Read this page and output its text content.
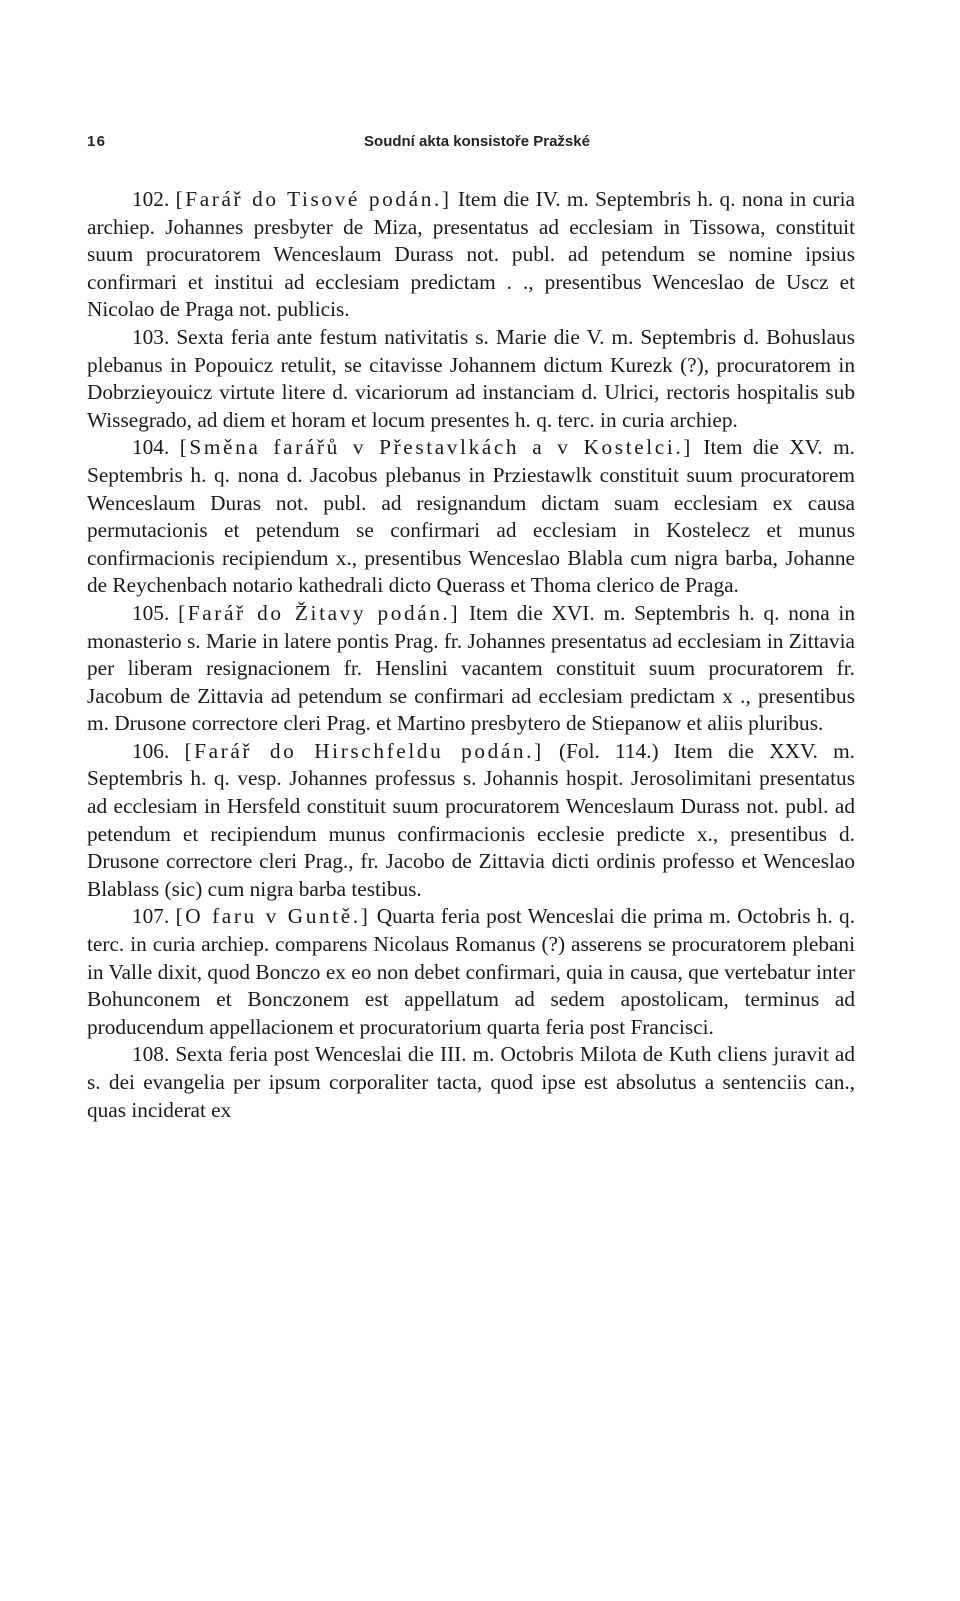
1 6	Soudní akta konsistoře Pražské

102. [Farář do Tisové podán.] Item die IV. m. Septembris h. q. nona in curia archiep. Johannes presbyter de Miza, presentatus ad ecclesiam in Tissowa, constituit suum procuratorem Wenceslaum Durass not. publ. ad petendum se nomine ipsius confirmari et institui ad ecclesiam predictam . ., presentibus Wenceslao de Uscz et Nicolao de Praga not. publicis.

103. Sexta feria ante festum nativitatis s. Marie die V. m. Septembris d. Bohuslaus plebanus in Popouicz retulit, se citavisse Johannem dictum Kurezk (?), procuratorem in Dobrzieyouicz virtute litere d. vicariorum ad instanciam d. Ulrici, rectoris hospitalis sub Wissegrado, ad diem et horam et locum presentes h. q. terc. in curia archiep.

104. [Směna farářů v Přestavlkách a v Kostelci.] Item die XV. m. Septembris h. q. nona d. Jacobus plebanus in Prziestawlk constituit suum procuratorem Wenceslaum Duras not. publ. ad resignandum dictam suam ecclesiam ex causa permutacionis et petendum se confirmari ad ecclesiam in Kostelecz et munus confirmacionis recipiendum x., presentibus Wenceslao Blabla cum nigra barba, Johanne de Reychenbach notario kathedrali dicto Querass et Thoma clerico de Praga.

105. [Farář do Žitavy podán.] Item die XVI. m. Septembris h. q. nona in monasterio s. Marie in latere pontis Prag. fr. Johannes presentatus ad ecclesiam in Zittavia per liberam resignacionem fr. Henslini vacantem constituit suum procuratorem fr. Jacobum de Zittavia ad petendum se confirmari ad ecclesiam predictam x ., presentibus m. Drusone correctore cleri Prag. et Martino presbytero de Stiepanow et aliis pluribus.

106. [Farář do Hirschfeldu podán.] (Fol. 114.) Item die XXV. m. Septembris h. q. vesp. Johannes professus s. Johannis hospit. Jerosolimitani presentatus ad ecclesiam in Hersfeld constituit suum procuratorem Wenceslaum Durass not. publ. ad petendum et recipiendum munus confirmacionis ecclesie predicte x., presentibus d. Drusone correctore cleri Prag., fr. Jacobo de Zittavia dicti ordinis professo et Wenceslao Blablass (sic) cum nigra barba testibus.

107. [O faru v Guntě.] Quarta feria post Wenceslai die prima m. Octobris h. q. terc. in curia archiep. comparens Nicolaus Romanus (?) asserens se procuratorem plebani in Valle dixit, quod Bonczo ex eo non debet confirmari, quia in causa, que vertebatur inter Bohunconem et Bonczonem est appellatum ad sedem apostolicam, terminus ad producendum appellacionem et procuratorium quarta feria post Francisci.

108. Sexta feria post Wenceslai die III. m. Octobris Milota de Kuth cliens juravit ad s. dei evangelia per ipsum corporaliter tacta, quod ipse est absolutus a sentenciis can., quas inciderat ex
